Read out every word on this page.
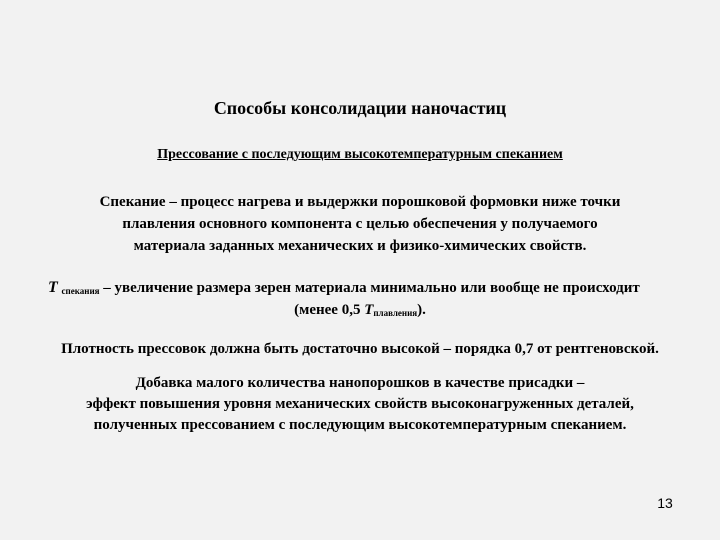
Способы консолидации наночастиц
Прессование с последующим высокотемпературным спеканием
Спекание – процесс нагрева и выдержки порошковой формовки ниже точки
плавления основного компонента с целью обеспечения у получаемого
материала заданных механических и физико-химических свойств.
T $_{спекания}$ – увеличение размера зерен материала минимально или вообще не происходит
(менее 0,5 $T_{плавления}$).
Плотность прессовок должна быть достаточно высокой – порядка 0,7 от рентгеновской.
Добавка малого количества нанопорошков в качестве присадки –
эффект повышения уровня механических свойств высоконагруженных деталей,
полученных прессованием с последующим высокотемпературным спеканием.
13
